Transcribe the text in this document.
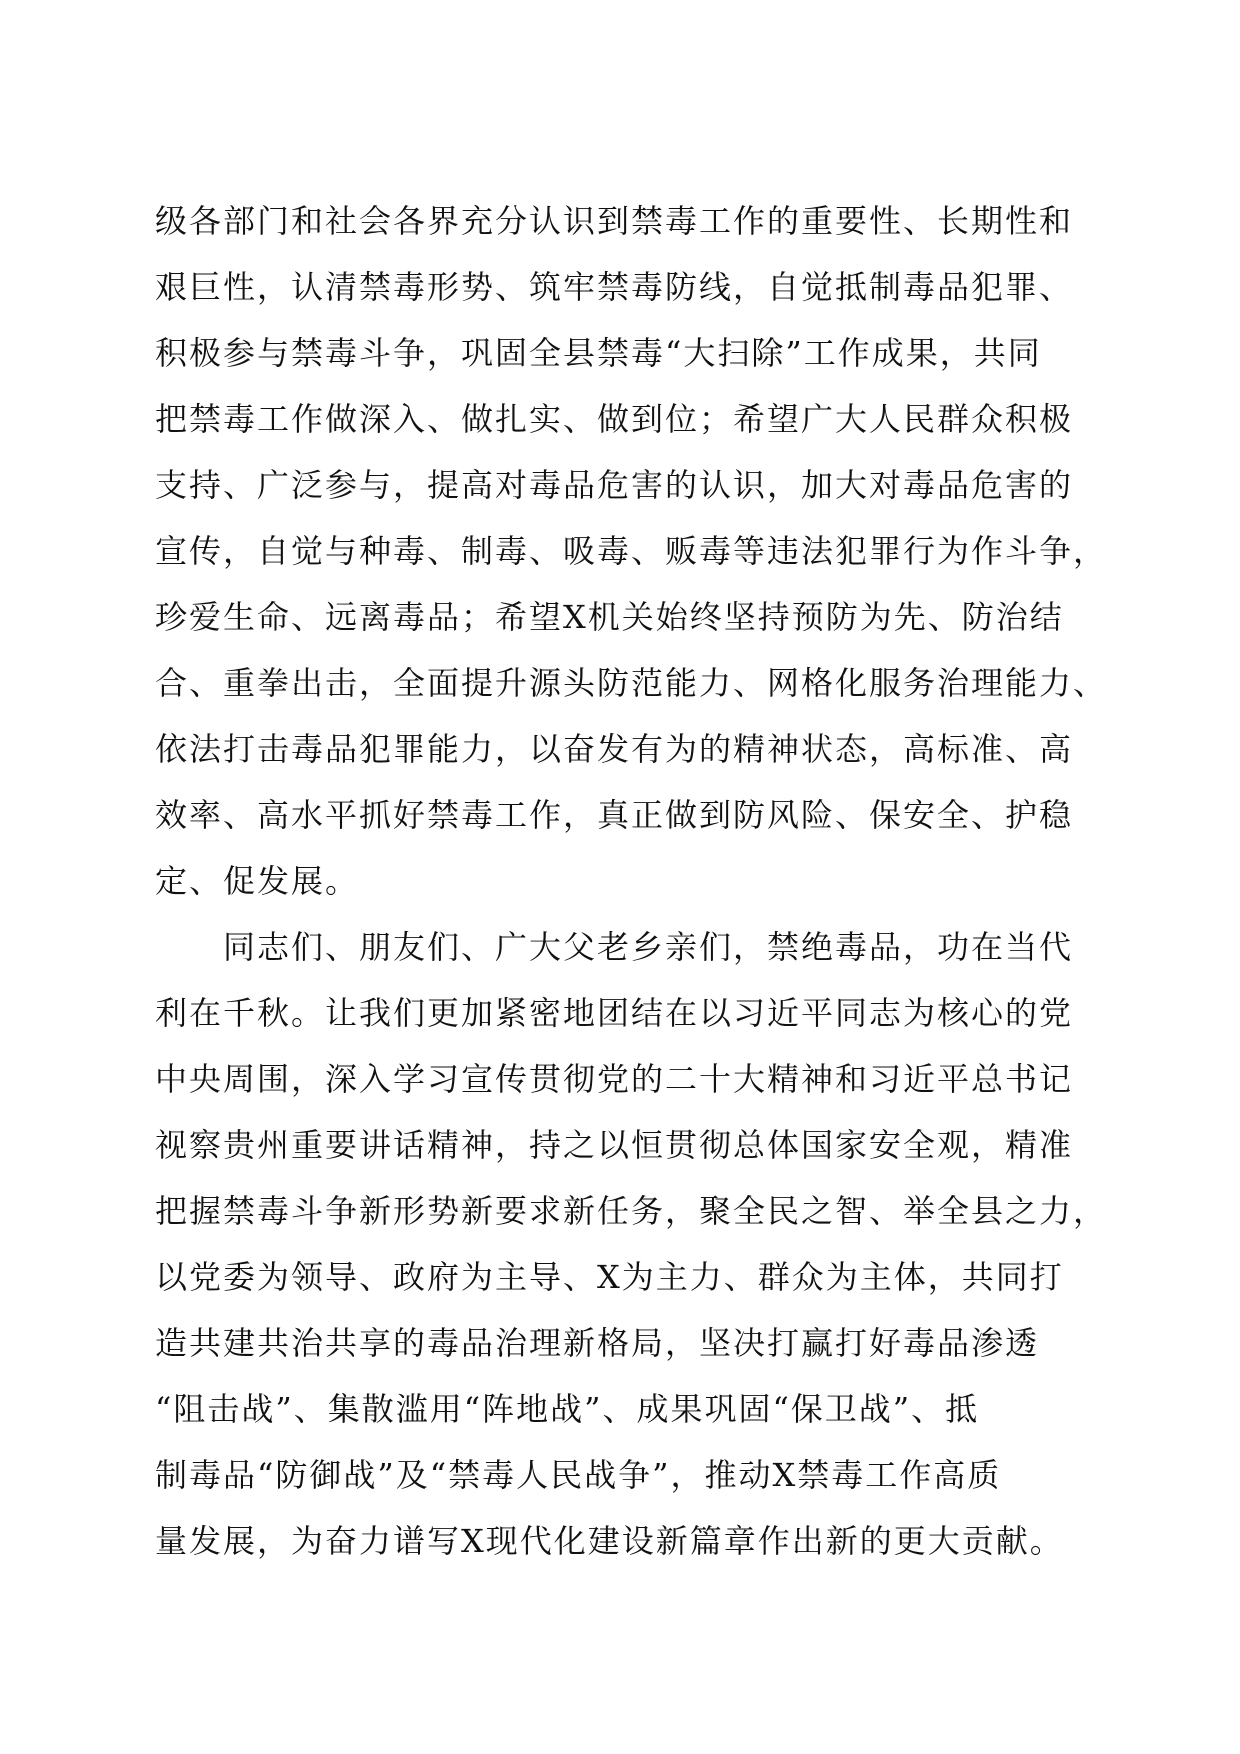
级各部门和社会各界充分认识到禁毒工作的重要性、长期性和
艰巨性，认清禁毒形势、筑牢禁毒防线，自觉抵制毒品犯罪、
积极参与禁毒斗争，巩固全县禁毒“大扫除”工作成果，共同
把禁毒工作做深入、做扎实、做到位；希望广大人民群众积极
支持、广泛参与，提高对毒品危害的认识，加大对毒品危害的
宣传，自觉与种毒、制毒、吸毒、贩毒等违法犯罪行为作斗争，
珍爱生命、远离毒品；希望X机关始终坚持预防为先、防治结
合、重拳出击，全面提升源头防范能力、网格化服务治理能力、
依法打击毒品犯罪能力，以奋发有为的精神状态，高标准、高
效率、高水平抓好禁毒工作，真正做到防风险、保安全、护稳
定、促发展。
　　同志们、朋友们、广大父老乡亲们，禁绝毒品，功在当代
利在千秋。让我们更加紧密地团结在以习近平同志为核心的党
中央周围，深入学习宣传贯彻党的二十大精神和习近平总书记
视察贵州重要讲话精神，持之以恒贯彻总体国家安全观，精准
把握禁毒斗争新形势新要求新任务，聚全民之智、举全县之力，
以党委为领导、政府为主导、X为主力、群众为主体，共同打
造共建共治共享的毒品治理新格局，坚决打赢打好毒品渗透
“阻击战”、集散滥用“阵地战”、成果巩固“保卫战”、抵
制毒品“防御战”及“禁毒人民战争”，推动X禁毒工作高质
量发展，为奋力谱写X现代化建设新篇章作出新的更大贡献。
